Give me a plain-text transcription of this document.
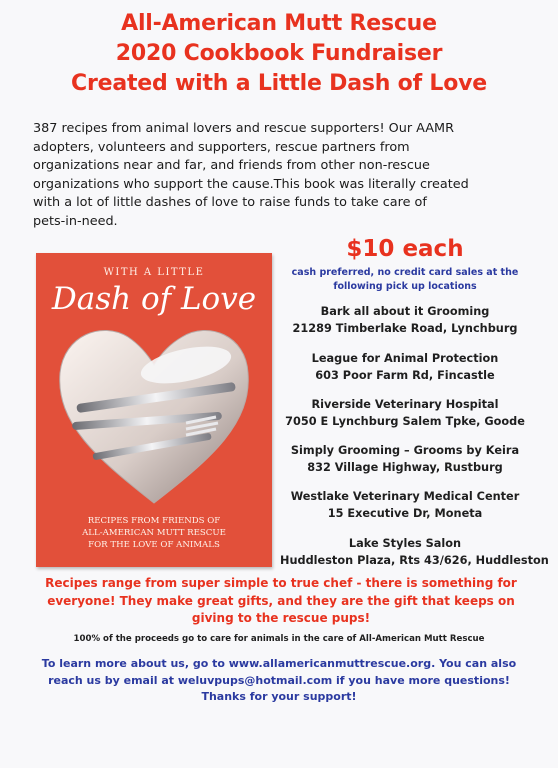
All-American Mutt Rescue
2020 Cookbook Fundraiser
Created with a Little Dash of Love
387 recipes from animal lovers and rescue supporters! Our AAMR
adopters, volunteers and supporters, rescue partners from
organizations near and far, and friends from other non-rescue
organizations who support the cause.This book was literally created
with a lot of little dashes of love to raise funds to take care of
pets-in-need.
WITH A LITTLE
Dash of Love
RECIPES FROM FRIENDS OF
ALL-AMERICAN MUTT RESCUE
FOR THE LOVE OF ANIMALS
$10 each
cash preferred, no credit card sales at the
following pick up locations
Bark all about it Grooming
21289 Timberlake Road, Lynchburg
League for Animal Protection
603 Poor Farm Rd, Fincastle
Riverside Veterinary Hospital
7050 E Lynchburg Salem Tpke, Goode
Simply Grooming – Grooms by Keira
832 Village Highway, Rustburg
Westlake Veterinary Medical Center
15 Executive Dr, Moneta
Lake Styles Salon
Huddleston Plaza, Rts 43/626, Huddleston
Recipes range from super simple to true chef - there is something for
everyone! They make great gifts, and they are the gift that keeps on
giving to the rescue pups!
100% of the proceeds go to care for animals in the care of All-American Mutt Rescue
To learn more about us, go to www.allamericanmuttrescue.org. You can also
reach us by email at weluvpups@hotmail.com if you have more questions!
Thanks for your support!
